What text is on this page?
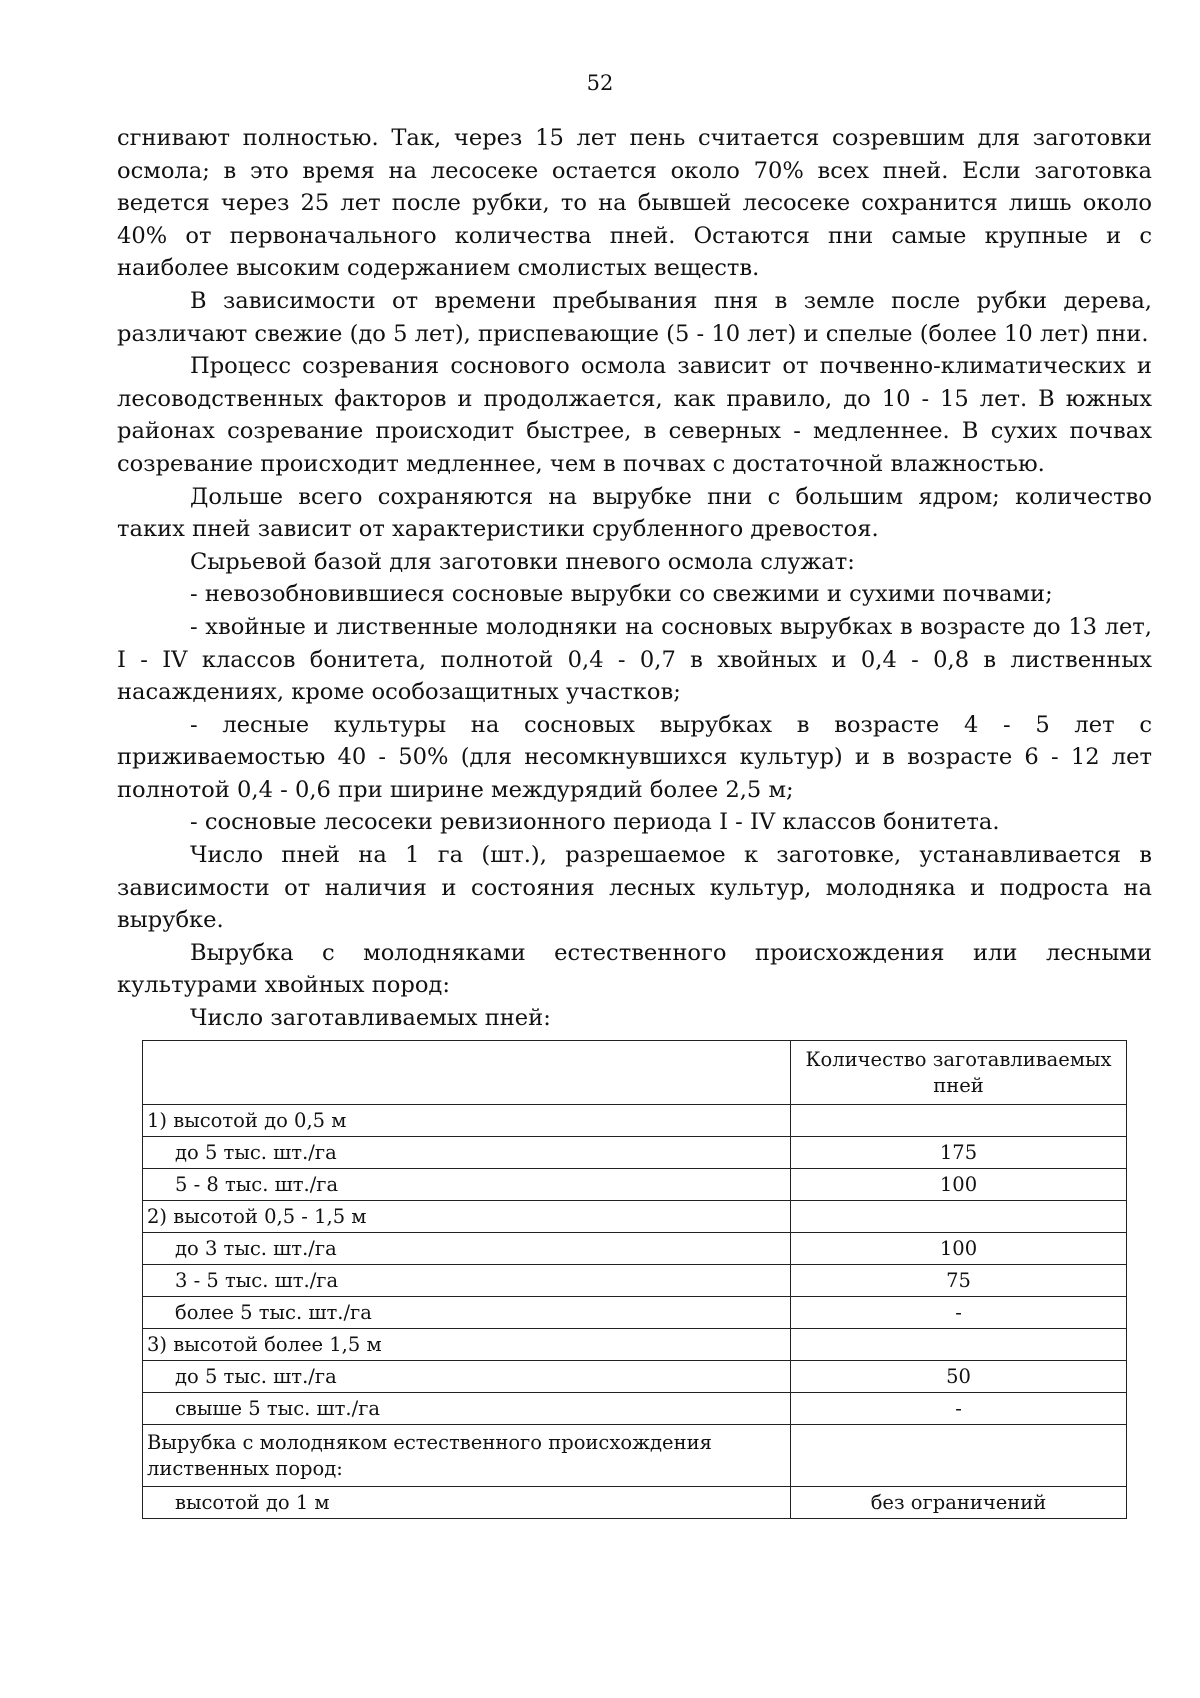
52

сгнивают полностью. Так, через 15 лет пень считается созревшим для заготовки осмола; в это время на лесосеке остается около 70% всех пней. Если заготовка ведется через 25 лет после рубки, то на бывшей лесосеке сохранится лишь около 40% от первоначального количества пней. Остаются пни самые крупные и с наиболее высоким содержанием смолистых веществ.

В зависимости от времени пребывания пня в земле после рубки дерева, различают свежие (до 5 лет), приспевающие (5 - 10 лет) и спелые (более 10 лет) пни.

Процесс созревания соснового осмола зависит от почвенно-климатических и лесоводственных факторов и продолжается, как правило, до 10 - 15 лет. В южных районах созревание происходит быстрее, в северных - медленнее. В сухих почвах созревание происходит медленнее, чем в почвах с достаточной влажностью.

Дольше всего сохраняются на вырубке пни с большим ядром; количество таких пней зависит от характеристики срубленного древостоя.

Сырьевой базой для заготовки пневого осмола служат:

- невозобновившиеся сосновые вырубки со свежими и сухими почвами;

- хвойные и лиственные молодняки на сосновых вырубках в возрасте до 13 лет, I - IV классов бонитета, полнотой 0,4 - 0,7 в хвойных и 0,4 - 0,8 в лиственных насаждениях, кроме особозащитных участков;

- лесные культуры на сосновых вырубках в возрасте 4 - 5 лет с приживаемостью 40 - 50% (для несомкнувшихся культур) и в возрасте 6 - 12 лет полнотой 0,4 - 0,6 при ширине междурядий более 2,5 м;

- сосновые лесосеки ревизионного периода I - IV классов бонитета.

Число пней на 1 га (шт.), разрешаемое к заготовке, устанавливается в зависимости от наличия и состояния лесных культур, молодняка и подроста на вырубке.

Вырубка с молодняками естественного происхождения или лесными культурами хвойных пород:

Число заготавливаемых пней:

	Количество заготавливаемых пней
1) высотой до 0,5 м	
до 5 тыс. шт./га	175
5 - 8 тыс. шт./га	100
2) высотой 0,5 - 1,5 м	
до 3 тыс. шт./га	100
3 - 5 тыс. шт./га	75
более 5 тыс. шт./га	-
3) высотой более 1,5 м	
до 5 тыс. шт./га	50
свыше 5 тыс. шт./га	-
Вырубка с молодняком естественного происхождения лиственных пород:	
высотой до 1 м	без ограничений
